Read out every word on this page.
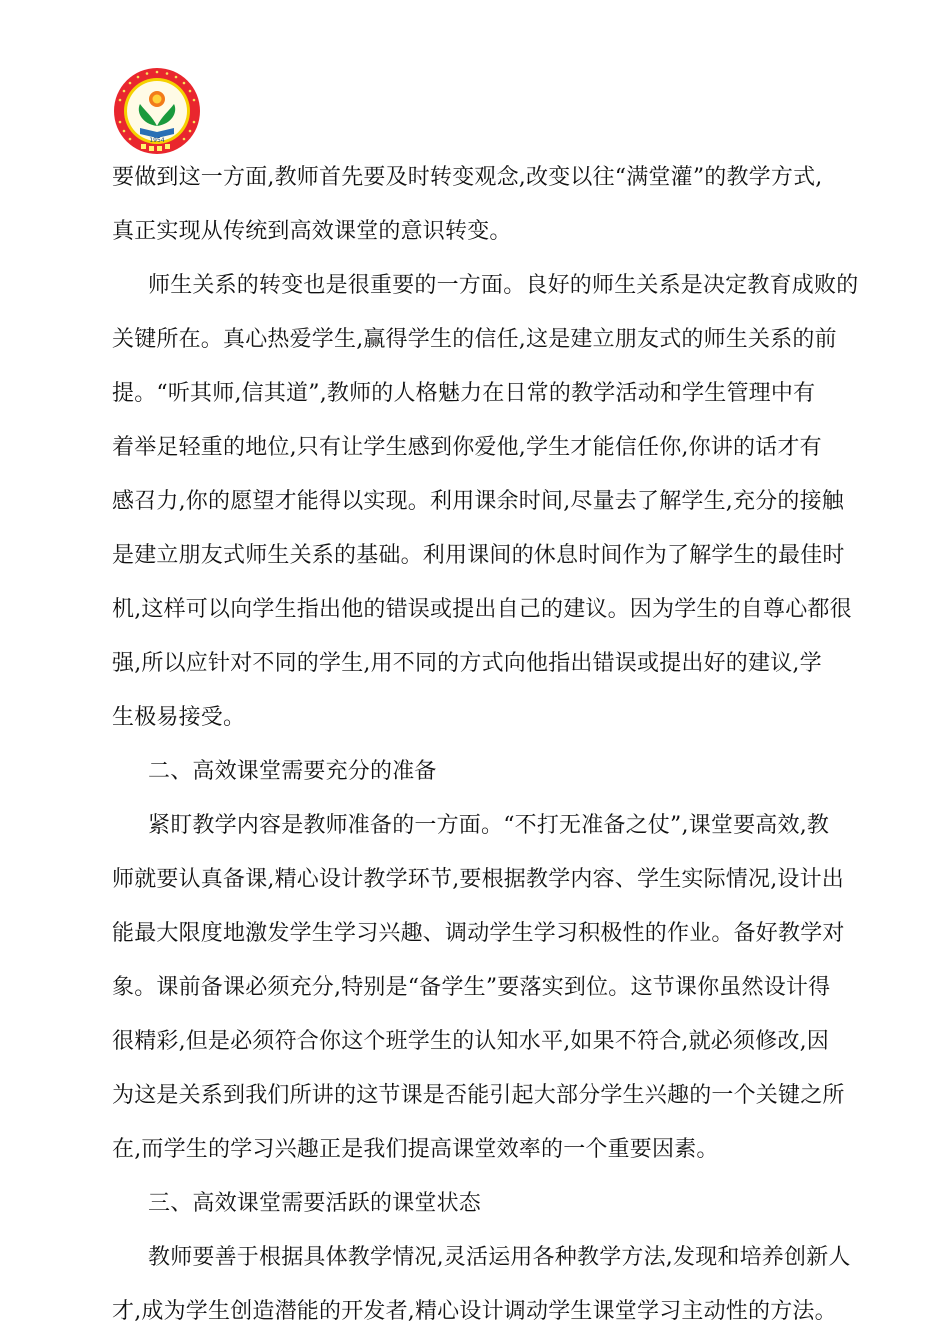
1954
要做到这一方面,教师首先要及时转变观念,改变以往“满堂灌”的教学方式,
真正实现从传统到高效课堂的意识转变。
师生关系的转变也是很重要的一方面。良好的师生关系是决定教育成败的
关键所在。真心热爱学生,赢得学生的信任,这是建立朋友式的师生关系的前
提。“听其师,信其道”,教师的人格魅力在日常的教学活动和学生管理中有
着举足轻重的地位,只有让学生感到你爱他,学生才能信任你,你讲的话才有
感召力,你的愿望才能得以实现。利用课余时间,尽量去了解学生,充分的接触
是建立朋友式师生关系的基础。利用课间的休息时间作为了解学生的最佳时
机,这样可以向学生指出他的错误或提出自己的建议。因为学生的自尊心都很
强,所以应针对不同的学生,用不同的方式向他指出错误或提出好的建议,学
生极易接受。
二、高效课堂需要充分的准备
紧盯教学内容是教师准备的一方面。“不打无准备之仗”,课堂要高效,教
师就要认真备课,精心设计教学环节,要根据教学内容、学生实际情况,设计出
能最大限度地激发学生学习兴趣、调动学生学习积极性的作业。备好教学对
象。课前备课必须充分,特别是“备学生”要落实到位。这节课你虽然设计得
很精彩,但是必须符合你这个班学生的认知水平,如果不符合,就必须修改,因
为这是关系到我们所讲的这节课是否能引起大部分学生兴趣的一个关键之所
在,而学生的学习兴趣正是我们提高课堂效率的一个重要因素。
三、高效课堂需要活跃的课堂状态
教师要善于根据具体教学情况,灵活运用各种教学方法,发现和培养创新人
才,成为学生创造潜能的开发者,精心设计调动学生课堂学习主动性的方法。
